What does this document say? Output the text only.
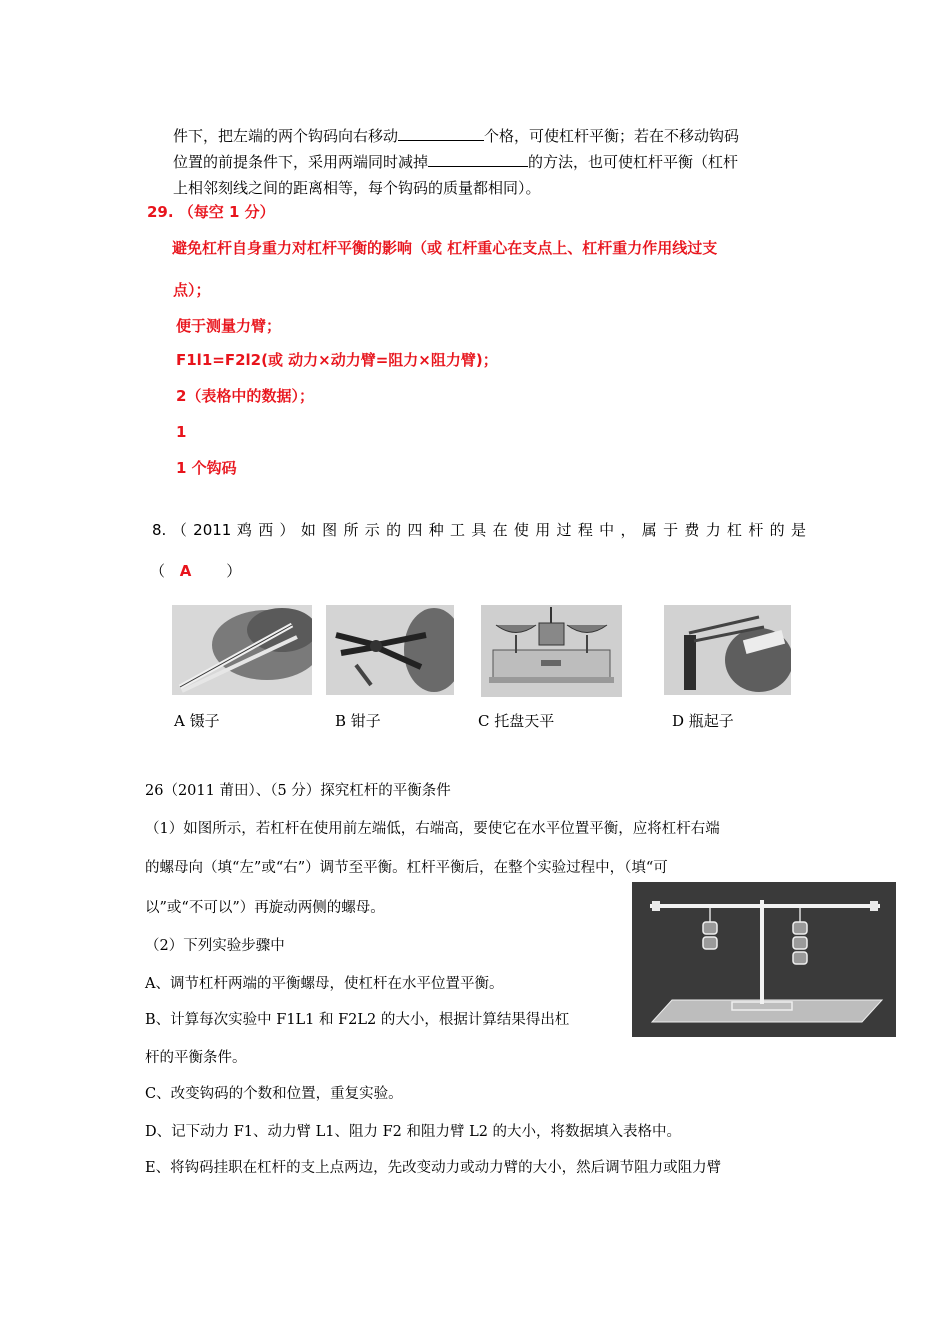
件下，把左端的两个钩码向右移动	个格，可使杠杆平衡；若在不移动钩码
位置的前提条件下，采用两端同时减掉	的方法，也可使杠杆平衡（杠杆
上相邻刻线之间的距离相等，每个钩码的质量都相同）。
29. （每空 1 分）
避免杠杆自身重力对杠杆平衡的影响（或 杠杆重心在支点上、杠杆重力作用线过支
点）；
便于测量力臂；
F1l1=F2l2(或 动力×动力臂=阻力×阻力臂)；
2（表格中的数据）；
1
1 个钩码
8. （ 2011 鸡 西 ） 如 图 所 示 的 四 种 工 具 在 使 用 过 程 中 ， 属 于 费 力 杠 杆 的 是
（ A ）
A 镊子	B 钳子	C 托盘天平	D 瓶起子
26（2011 莆田）、（5 分）探究杠杆的平衡条件
（1）如图所示，若杠杆在使用前左端低，右端高，要使它在水平位置平衡，应将杠杆右端
的螺母向（填“左”或“右”）调节至平衡。杠杆平衡后，在整个实验过程中，（填“可
以”或“不可以”）再旋动两侧的螺母。
（2）下列实验步骤中
A、调节杠杆两端的平衡螺母，使杠杆在水平位置平衡。
B、计算每次实验中 F1L1 和 F2L2 的大小，根据计算结果得出杠
杆的平衡条件。
C、改变钩码的个数和位置，重复实验。
D、记下动力 F1、动力臂 L1、阻力 F2 和阻力臂 L2 的大小，将数据填入表格中。
E、将钩码挂职在杠杆的支上点两边，先改变动力或动力臂的大小，然后调节阻力或阻力臂
